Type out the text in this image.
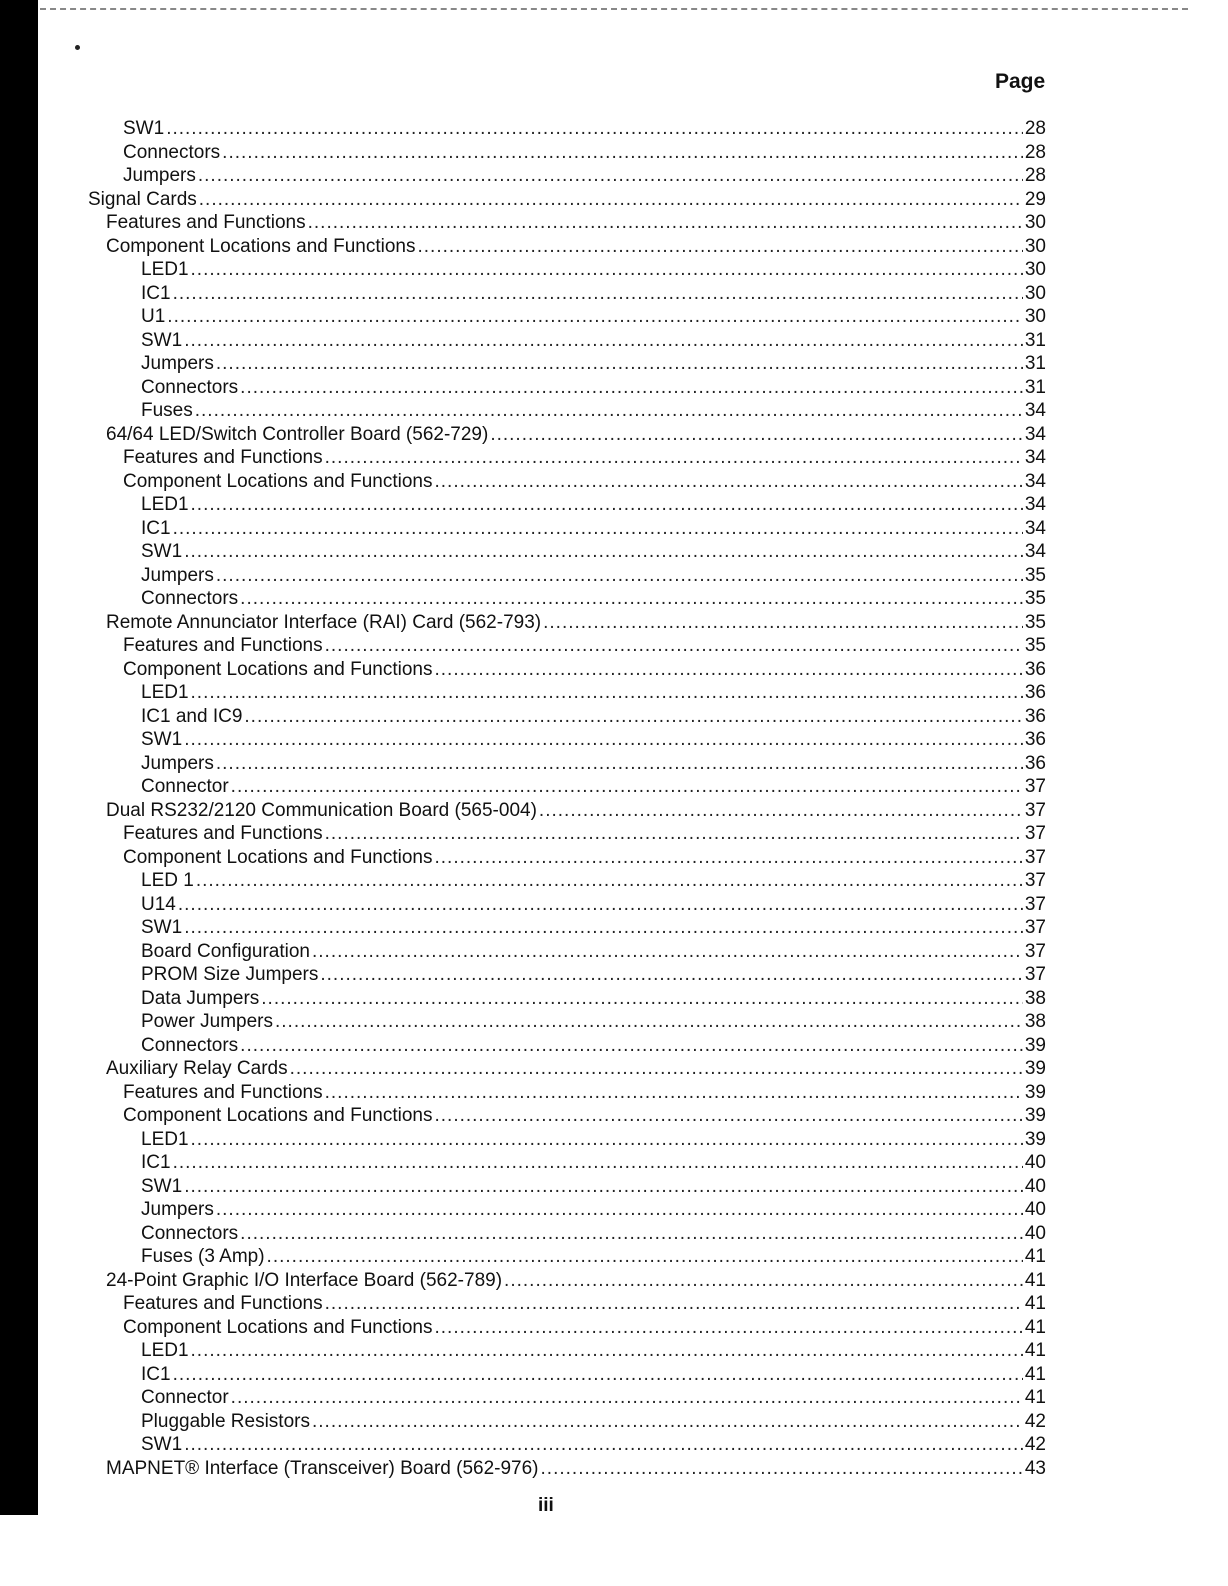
Page
SW1 .....	28
Connectors .....	28
Jumpers .....	28
Signal Cards .....	29
Features and Functions .....	30
Component Locations and Functions .....	30
LED1 .....	30
IC1 .....	30
U1 .....	30
SW1 .....	31
Jumpers .....	31
Connectors .....	31
Fuses .....	34
64/64 LED/Switch Controller Board (562-729) .....	34
Features and Functions .....	34
Component Locations and Functions .....	34
LED1 .....	34
IC1 .....	34
SW1 .....	34
Jumpers .....	35
Connectors .....	35
Remote Annunciator Interface (RAI) Card (562-793) .....	35
Features and Functions .....	35
Component Locations and Functions .....	36
LED1 .....	36
IC1 and IC9 .....	36
SW1 .....	36
Jumpers .....	36
Connector .....	37
Dual RS232/2120 Communication Board (565-004) .....	37
Features and Functions .....	37
Component Locations and Functions .....	37
LED 1 .....	37
U14 .....	37
SW1 .....	37
Board Configuration .....	37
PROM Size Jumpers .....	37
Data Jumpers .....	38
Power Jumpers .....	38
Connectors .....	39
Auxiliary Relay Cards .....	39
Features and Functions .....	39
Component Locations and Functions .....	39
LED1 .....	39
IC1 .....	40
SW1 .....	40
Jumpers .....	40
Connectors .....	40
Fuses (3 Amp) .....	41
24-Point Graphic I/O Interface Board (562-789) .....	41
Features and Functions .....	41
Component Locations and Functions .....	41
LED1 .....	41
IC1 .....	41
Connector .....	41
Pluggable Resistors .....	42
SW1 .....	42
MAPNET® Interface (Transceiver) Board (562-976) .....	43
iii
